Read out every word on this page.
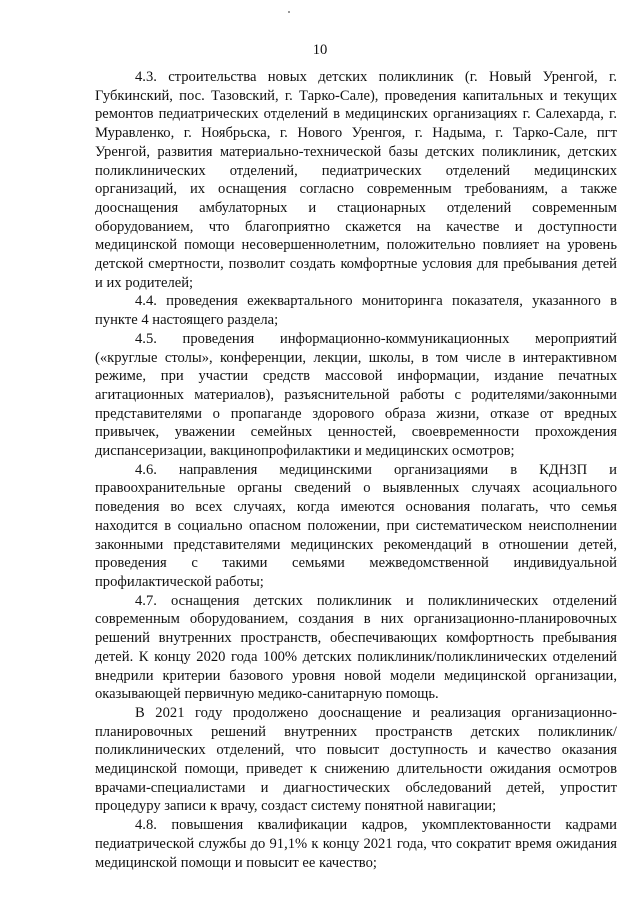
10

4.3. строительства новых детских поликлиник (г. Новый Уренгой, г. Губкинский, пос. Тазовский, г. Тарко-Сале), проведения капитальных и текущих ремонтов педиатрических отделений в медицинских организациях г. Салехарда, г. Муравленко, г. Ноябрьска, г. Нового Уренгоя, г. Надыма, г. Тарко-Сале, пгт Уренгой, развития материально-технической базы детских поликлиник, детских поликлинических отделений, педиатрических отделений медицинских организаций, их оснащения согласно современным требованиям, а также дооснащения амбулаторных и стационарных отделений современным оборудованием, что благоприятно скажется на качестве и доступности медицинской помощи несовершеннолетним, положительно повлияет на уровень детской смертности, позволит создать комфортные условия для пребывания детей и их родителей;

4.4. проведения ежеквартального мониторинга показателя, указанного в пункте 4 настоящего раздела;

4.5. проведения информационно-коммуникационных мероприятий («круглые столы», конференции, лекции, школы, в том числе в интерактивном режиме, при участии средств массовой информации, издание печатных агитационных материалов), разъяснительной работы с родителями/законными представителями о пропаганде здорового образа жизни, отказе от вредных привычек, уважении семейных ценностей, своевременности прохождения диспансеризации, вакцинопрофилактики и медицинских осмотров;

4.6. направления медицинскими организациями в КДНЗП и правоохранительные органы сведений о выявленных случаях асоциального поведения во всех случаях, когда имеются основания полагать, что семья находится в социально опасном положении, при систематическом неисполнении законными представителями медицинских рекомендаций в отношении детей, проведения с такими семьями межведомственной индивидуальной профилактической работы;

4.7. оснащения детских поликлиник и поликлинических отделений современным оборудованием, создания в них организационно-планировочных решений внутренних пространств, обеспечивающих комфортность пребывания детей. К концу 2020 года 100% детских поликлиник/поликлинических отделений внедрили критерии базового уровня новой модели медицинской организации, оказывающей первичную медико-санитарную помощь.

В 2021 году продолжено дооснащение и реализация организационно-планировочных решений внутренних пространств детских поликлиник/поликлинических отделений, что повысит доступность и качество оказания медицинской помощи, приведет к снижению длительности ожидания осмотров врачами-специалистами и диагностических обследований детей, упростит процедуру записи к врачу, создаст систему понятной навигации;

4.8. повышения квалификации кадров, укомплектованности кадрами педиатрической службы до 91,1% к концу 2021 года, что сократит время ожидания медицинской помощи и повысит ее качество;
